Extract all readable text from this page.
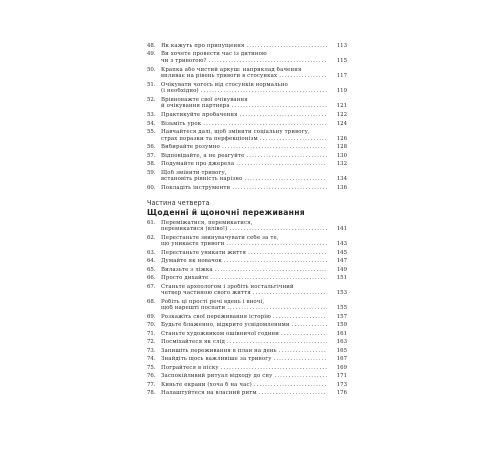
48.	Як кажуть про припущення . . .	113
49.	Ви хочете провести час із дитиною
чи з тривогою? . . .	115
50.	Крапка або чистий аркуш: наприклад бачення
впливає на рівень тривоги в стосунках . . .	117
51.	Очікувати чогось від стосунків нормально
(і необхідно) . . .	119
52.	Врівноважте свої очікування
й очікування партнера . . .	121
53.	Практикуйте пробачення . . .	122
54.	Візьміть урок . . .	124
55.	Навчайтеся далі, щоб змінити соціальну тривогу,
страх поразки та перфекціонізм . . .	126
56.	Вибирайте розумно . . .	128
57.	Відповідайте, а не реагуйте . . .	130
58.	Подумайте про джерела . . .	132
59.	Щоб змінити тривогу,
встановіть рівність нарізно . . .	134
60.	Покладіть інструменти . . .	136
Частина четверта
Щоденні й щоночні переживання
61.	Переміжатися, перемикатися,
перемикатися (вліво!) . . .	141
62.	Перестаньте звинувачувати себе за те,
що уникаєте тривоги . . .	143
63.	Перестаньте уникати життя . . .	145
64.	Думайте як новачок . . .	147
65.	Вилазьте з ліжка . . .	149
66.	Просто дихайте . . .	151
67.	Станьте археологом і зробіть ностальгічний
четвер частиною свого життя . . .	153
68.	Робіть ці прості речі вдень і вночі,
щоб нарешті поспати . . .	155
69.	Розкажіть свої переживання історію . . .	157
70.	Будьте блаженно, відкрито усвідомленими . . .	159
71.	Станьте художником ошівничої години . . .	161
72.	Посміхайтеся як слід . . .	163
73.	Запишіть переживання в план на день . . .	165
74.	Знайдіть щось важливіше за тривогу . . .	167
75.	Пограйтеся в піску . . .	169
76.	Заспокійливий ритуал відходу до сну . . .	171
77.	Киньте екрани (хоча б на час) . . .	173
78.	Налаштуйтеся на власний ритм . . .	176
